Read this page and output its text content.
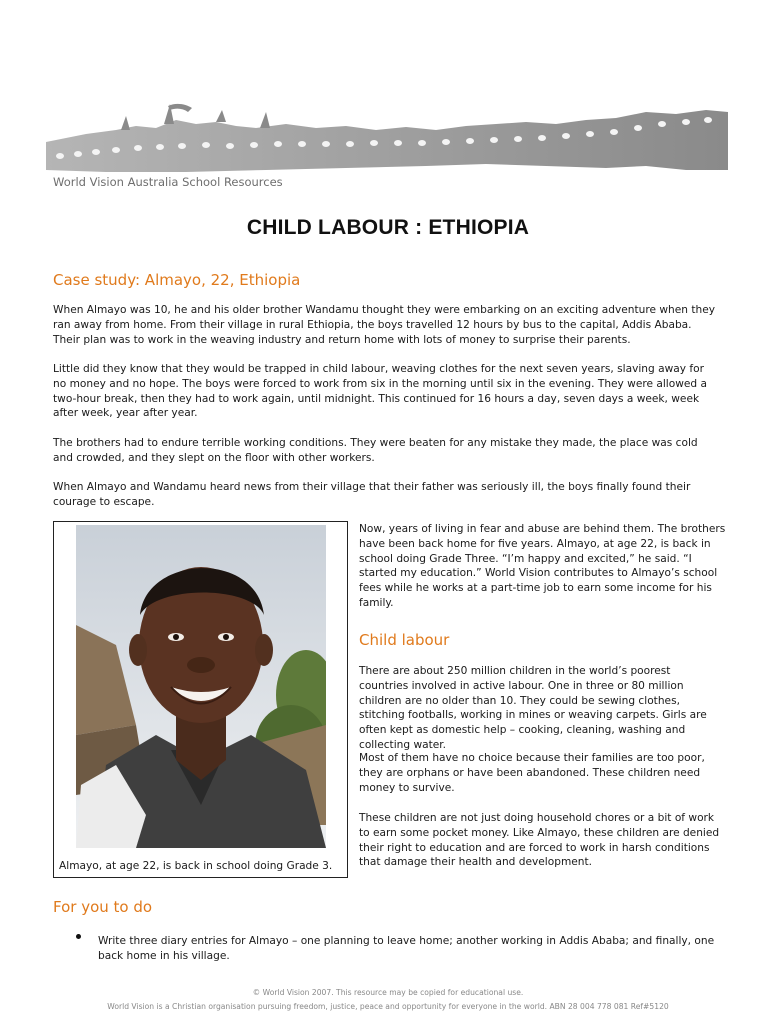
World Vision Australia School Resources
CHILD LABOUR : ETHIOPIA
Case study: Almayo, 22, Ethiopia
When Almayo was 10, he and his older brother Wandamu thought they were embarking on an exciting adventure when they ran away from home. From their village in rural Ethiopia, the boys travelled 12 hours by bus to the capital, Addis Ababa. Their plan was to work in the weaving industry and return home with lots of money to surprise their parents.
Little did they know that they would be trapped in child labour, weaving clothes for the next seven years, slaving away for no money and no hope. The boys were forced to work from six in the morning until six in the evening. They were allowed a two-hour break, then they had to work again, until midnight. This continued for 16 hours a day, seven days a week, week after week, year after year.
The brothers had to endure terrible working conditions. They were beaten for any mistake they made, the place was cold and crowded, and they slept on the floor with other workers.
When Almayo and Wandamu heard news from their village that their father was seriously ill, the boys finally found their courage to escape.
Almayo, at age 22, is back in school doing Grade 3.
Now, years of living in fear and abuse are behind them. The brothers have been back home for five years. Almayo, at age 22, is back in school doing Grade Three. “I’m happy and excited,” he said. “I started my education.” World Vision contributes to Almayo’s school fees while he works at a part-time job to earn some income for his family.
Child labour
There are about 250 million children in the world’s poorest countries involved in active labour. One in three or 80 million children are no older than 10. They could be sewing clothes, stitching footballs, working in mines or weaving carpets. Girls are often kept as domestic help – cooking, cleaning, washing and collecting water.
Most of them have no choice because their families are too poor, they are orphans or have been abandoned. These children need money to survive.
These children are not just doing household chores or a bit of work to earn some pocket money. Like Almayo, these children are denied their right to education and are forced to work in harsh conditions that damage their health and development.
For you to do
Write three diary entries for Almayo – one planning to leave home; another working in Addis Ababa; and finally, one back home in his village.
© World Vision 2007. This resource may be copied for educational use.
World Vision is a Christian organisation pursuing freedom, justice, peace and opportunity for everyone in the world. ABN 28 004 778 081 Ref#5120
